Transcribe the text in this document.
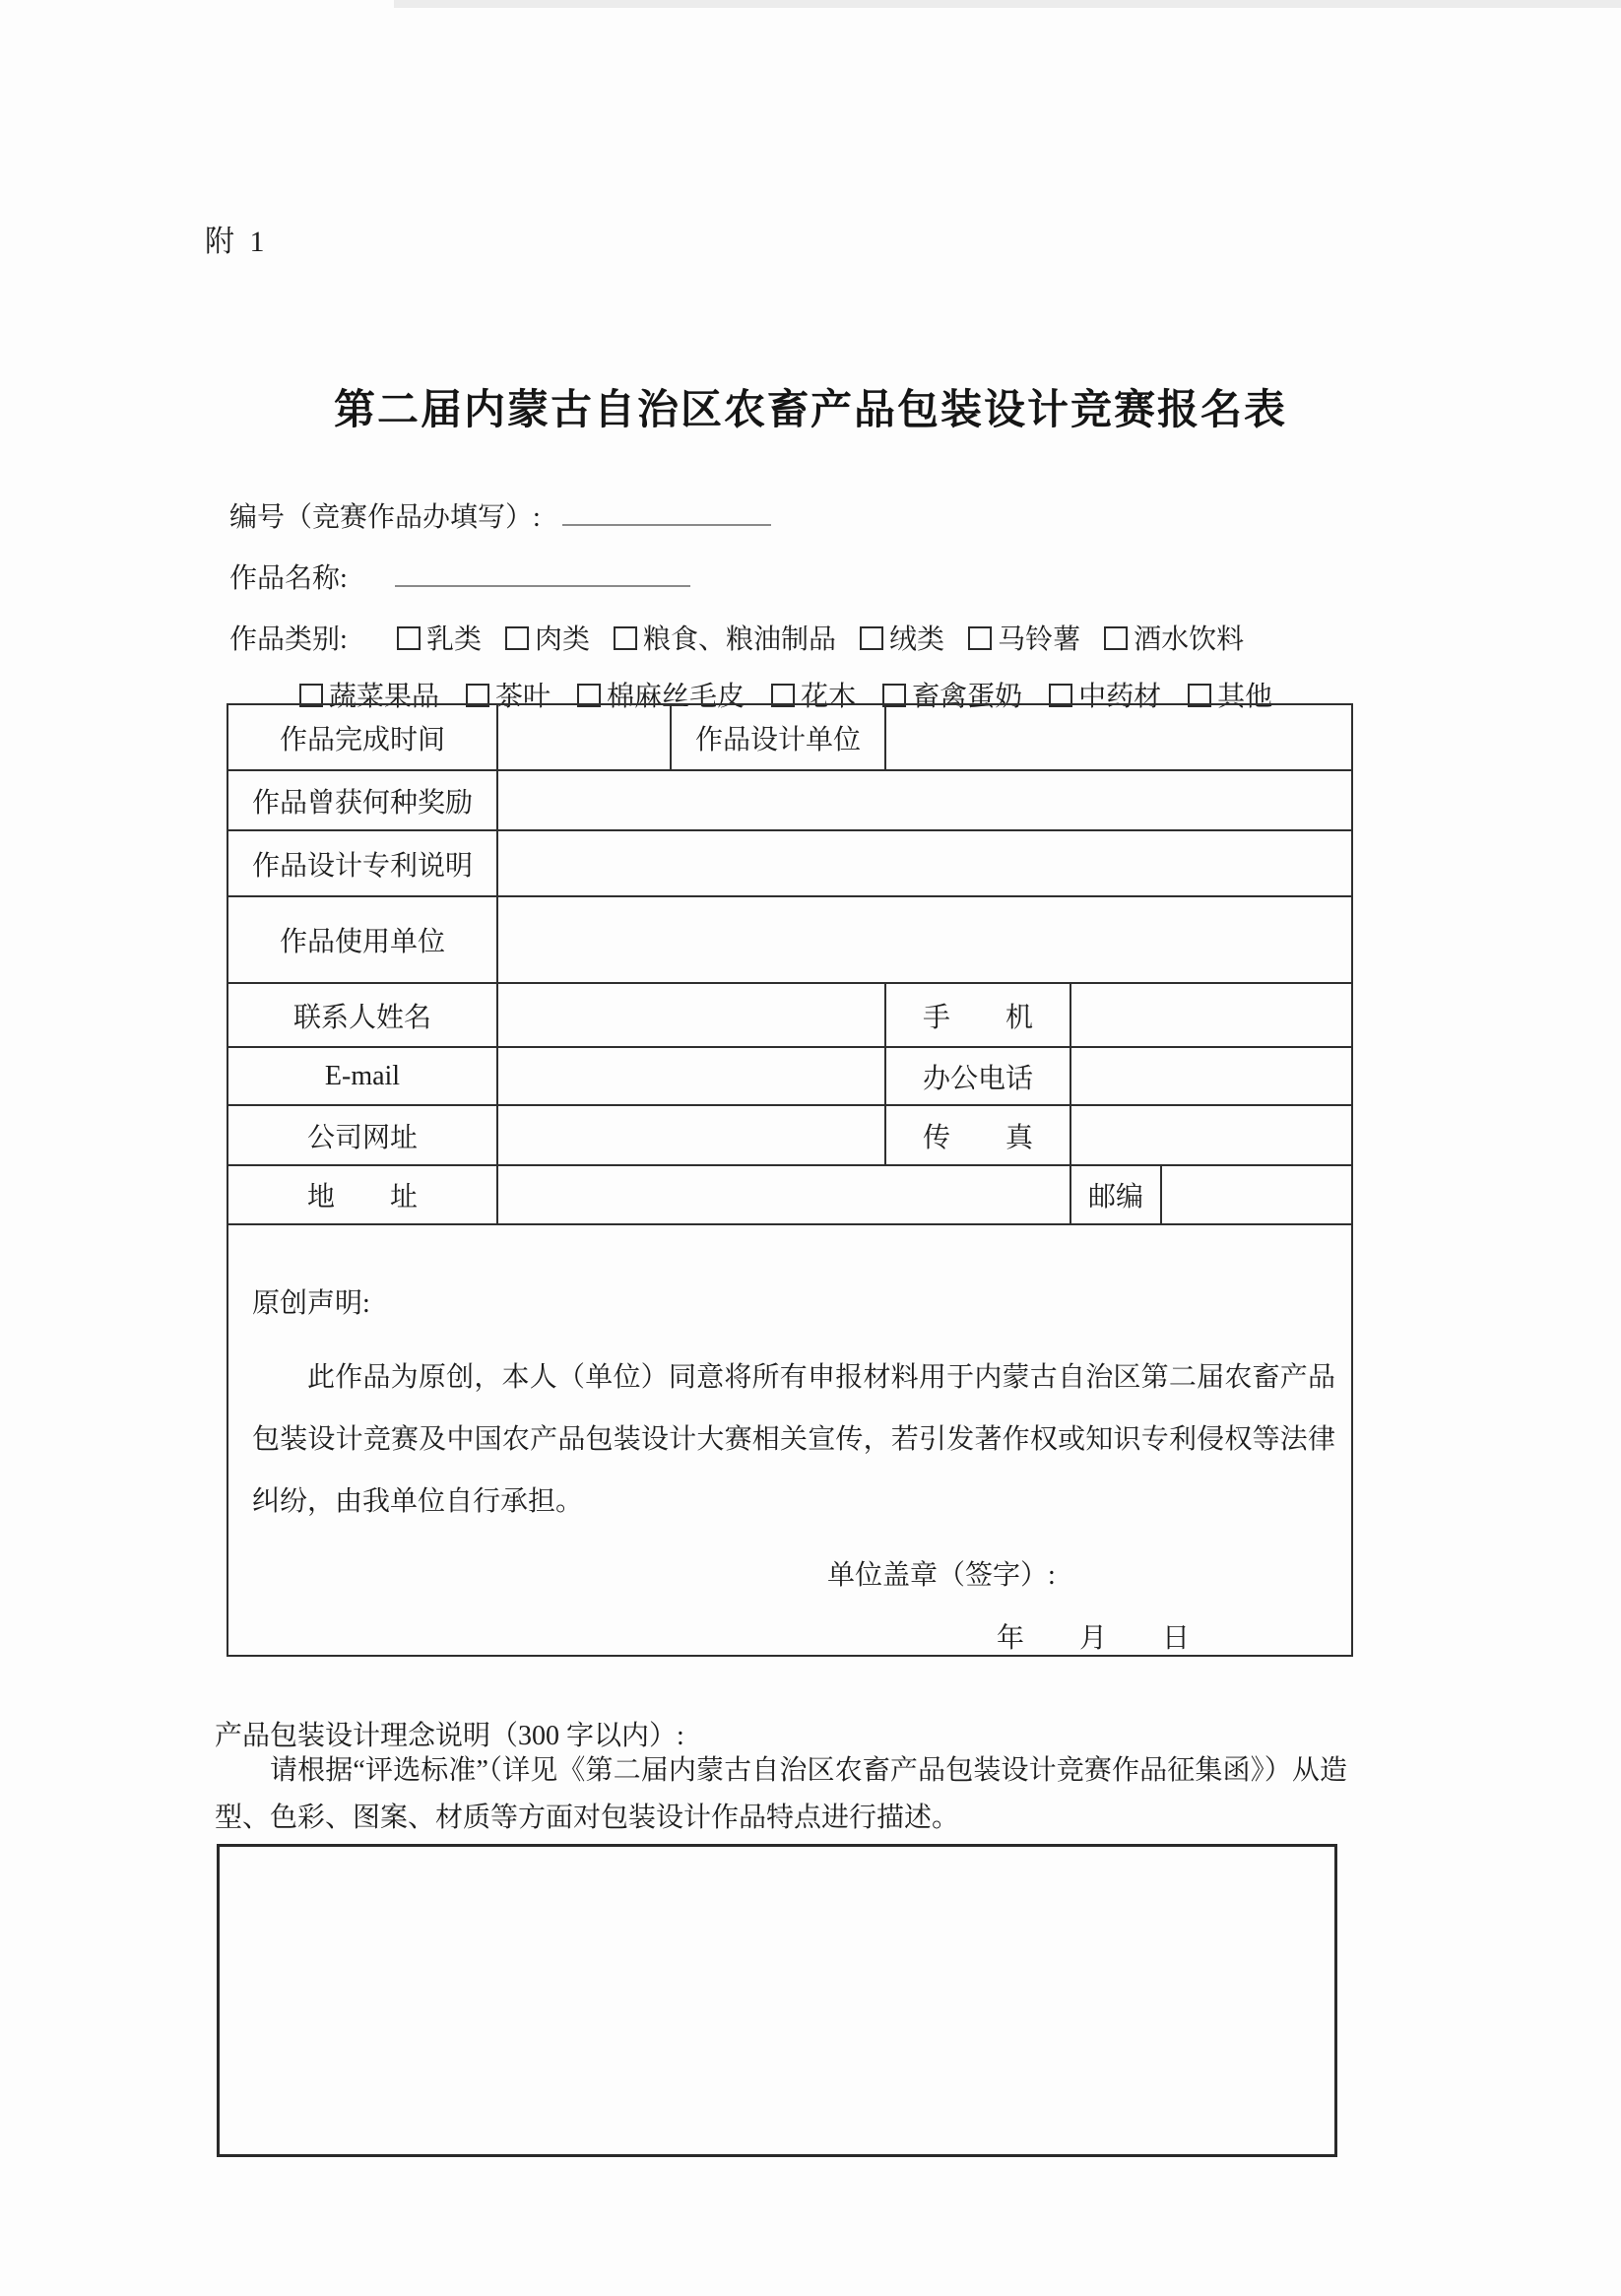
附 1
第二届内蒙古自治区农畜产品包装设计竞赛报名表
编号（竞赛作品办填写）:
作品名称:
作品类别:	乳类 肉类 粮食、粮油制品 绒类 马铃薯 酒水饮料
蔬菜果品 茶叶 棉麻丝毛皮 花木 畜禽蛋奶 中药材 其他
作品完成时间		作品设计单位			
作品曾获何种奖励					
作品设计专利说明					
作品使用单位					
联系人姓名			手　　机		
E-mail			办公电话		
公司网址			传　　真		
地　　址				邮编	

原创声明:
此作品为原创，本人（单位）同意将所有申报材料用于内蒙古自治区第二届农畜产品包装设计竞赛及中国农产品包装设计大赛相关宣传，若引发著作权或知识专利侵权等法律纠纷，由我单位自行承担。
单位盖章（签字）:
年　　月　　日					
产品包装设计理念说明（300 字以内）:
请根据“评选标准”（详见《第二届内蒙古自治区农畜产品包装设计竞赛作品征集函》）从造型、色彩、图案、材质等方面对包装设计作品特点进行描述。
